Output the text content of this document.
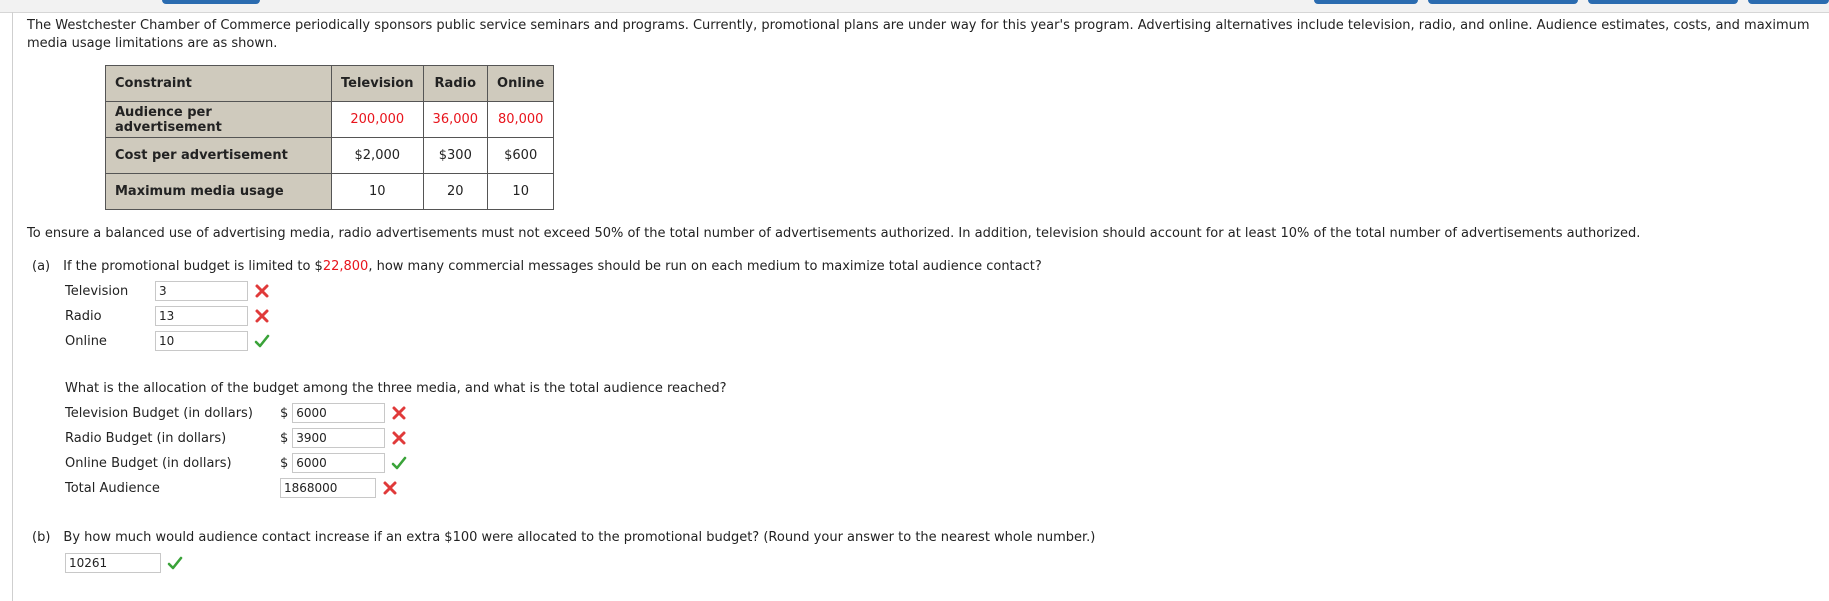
The Westchester Chamber of Commerce periodically sponsors public service seminars and programs. Currently, promotional plans are under way for this year's program. Advertising alternatives include television, radio, and online. Audience estimates, costs, and maximum media usage limitations are as shown.

Constraint	Television	Radio	Online
Audience per advertisement	200,000	36,000	80,000
Cost per advertisement	$2,000	$300	$600
Maximum media usage	10	20	10

To ensure a balanced use of advertising media, radio advertisements must not exceed 50% of the total number of advertisements authorized. In addition, television should account for at least 10% of the total number of advertisements authorized.

(a) If the promotional budget is limited to $ 22,800 , how many commercial messages should be run on each medium to maximize total audience contact?
Television
3
Radio
13
Online
10
What is the allocation of the budget among the three media, and what is the total audience reached?
Television Budget (in dollars)	$
6000
Radio Budget (in dollars)	$
3900
Online Budget (in dollars)	$
6000
Total Audience
1868000
(b) By how much would audience contact increase if an extra $100 were allocated to the promotional budget? (Round your answer to the nearest whole number.)
10261
